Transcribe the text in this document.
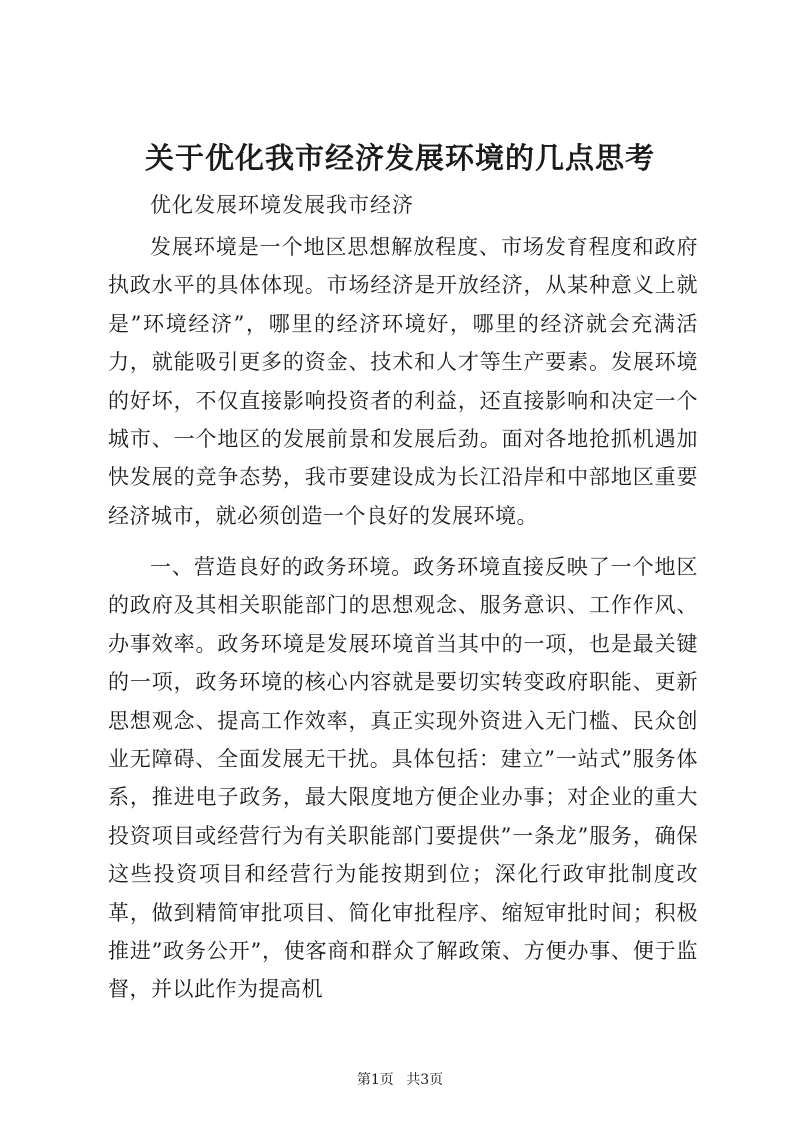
关于优化我市经济发展环境的几点思考

优化发展环境发展我市经济

发展环境是一个地区思想解放程度、市场发育程度和政府执政水平的具体体现。市场经济是开放经济，从某种意义上就是”环境经济”，哪里的经济环境好，哪里的经济就会充满活力，就能吸引更多的资金、技术和人才等生产要素。发展环境的好坏，不仅直接影响投资者的利益，还直接影响和决定一个城市、一个地区的发展前景和发展后劲。面对各地抢抓机遇加快发展的竞争态势，我市要建设成为长江沿岸和中部地区重要经济城市，就必须创造一个良好的发展环境。

一、营造良好的政务环境。政务环境直接反映了一个地区的政府及其相关职能部门的思想观念、服务意识、工作作风、办事效率。政务环境是发展环境首当其中的一项，也是最关键的一项，政务环境的核心内容就是要切实转变政府职能、更新思想观念、提高工作效率，真正实现外资进入无门槛、民众创业无障碍、全面发展无干扰。具体包括：建立”一站式”服务体系，推进电子政务，最大限度地方便企业办事；对企业的重大投资项目或经营行为有关职能部门要提供”一条龙”服务，确保这些投资项目和经营行为能按期到位；深化行政审批制度改革，做到精简审批项目、简化审批程序、缩短审批时间；积极推进”政务公开”，使客商和群众了解政策、方便办事、便于监督，并以此作为提高机

第1页 共3页
